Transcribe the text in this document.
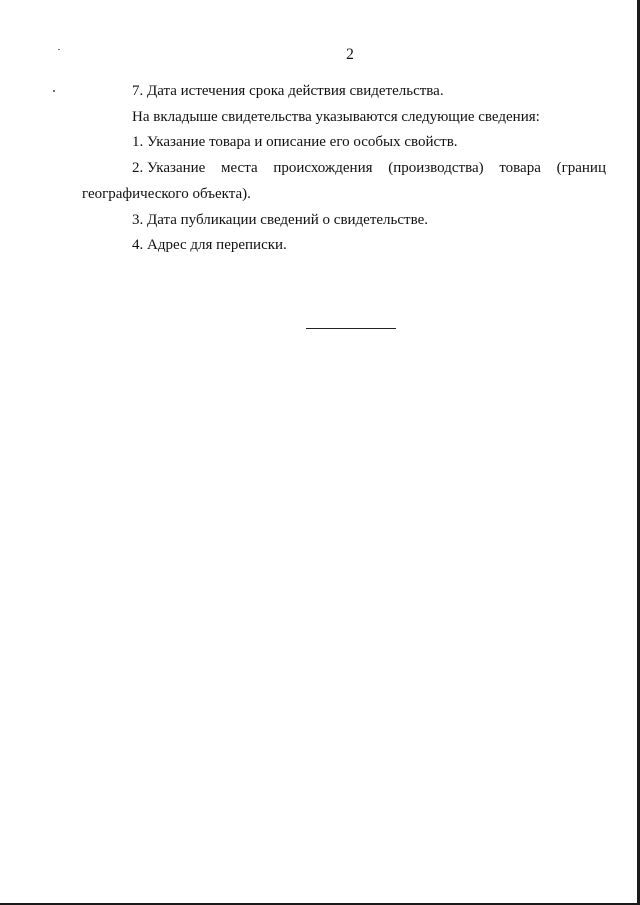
2
7. Дата истечения срока действия свидетельства.
На вкладыше свидетельства указываются следующие сведения:
1. Указание товара и описание его особых свойств.
2. Указание места происхождения (производства) товара (границ
географического объекта).
3. Дата публикации сведений о свидетельстве.
4. Адрес для переписки.
